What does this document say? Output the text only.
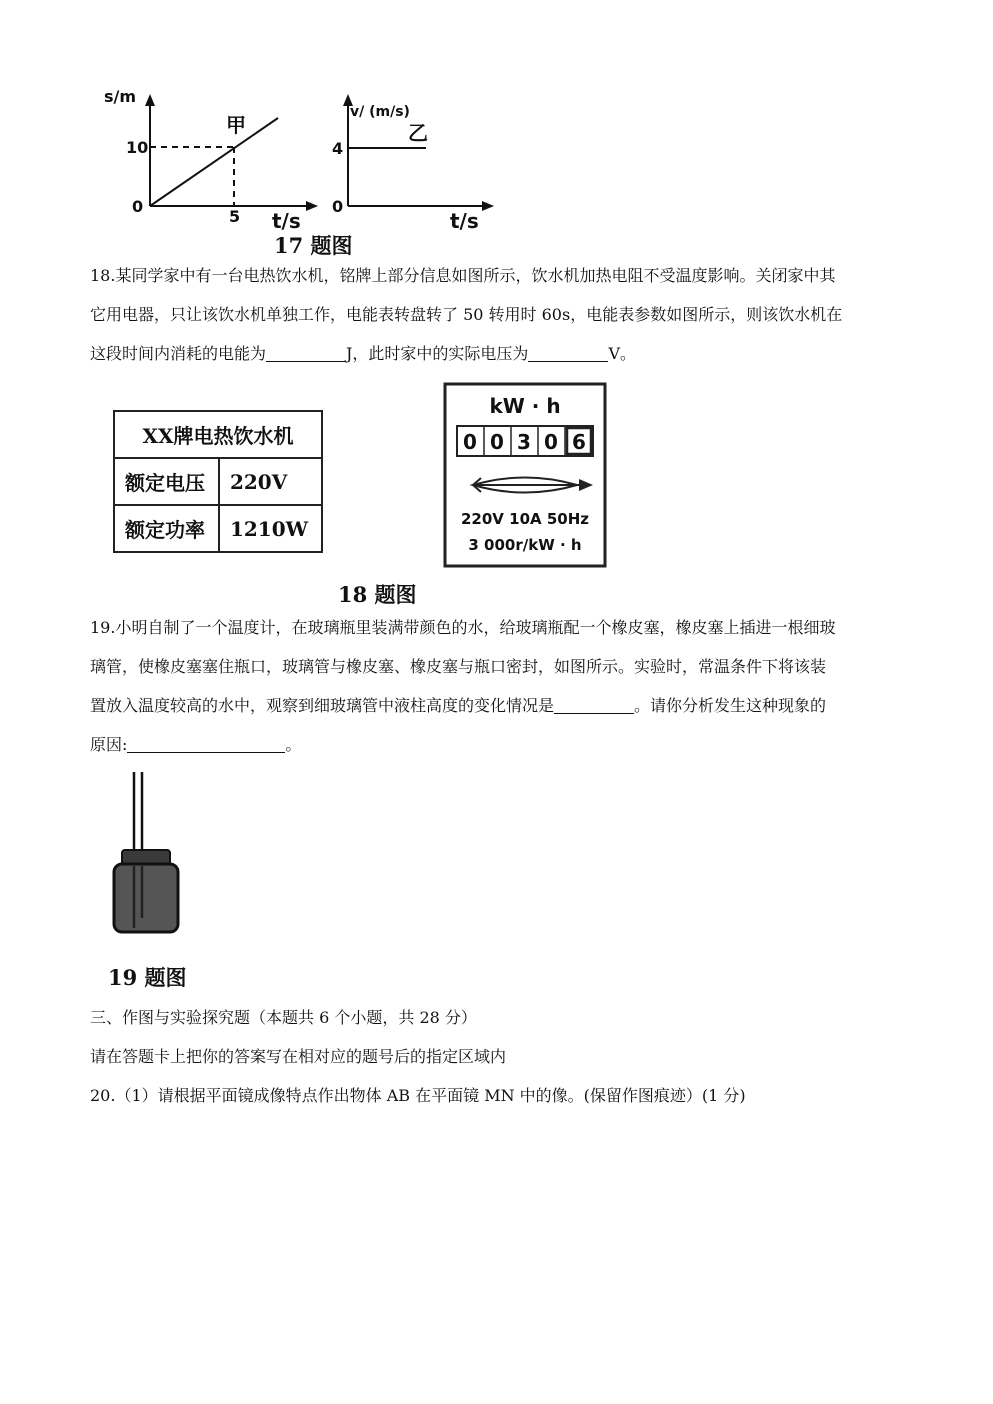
s/m
10
0
5 t/s
甲
v/ (m/s)
4
0
t/s
乙
17 题图
18.某同学家中有一台电热饮水机，铭牌上部分信息如图所示，饮水机加热电阻不受温度影响。关闭家中其
它用电器，只让该饮水机单独工作，电能表转盘转了 50 转用时 60s，电能表参数如图所示，则该饮水机在
这段时间内消耗的电能为	J，此时家中的实际电压为	V。
XX牌电热饮水机	
额定电压	220V
额定功率	1210W
kW · h
0 0 3 0 6
220V 10A 50Hz
3 000r/kW · h
18 题图
19.小明自制了一个温度计，在玻璃瓶里装满带颜色的水，给玻璃瓶配一个橡皮塞，橡皮塞上插进一根细玻
璃管，使橡皮塞塞住瓶口，玻璃管与橡皮塞、橡皮塞与瓶口密封，如图所示。实验时，常温条件下将该装
置放入温度较高的水中，观察到细玻璃管中液柱高度的变化情况是	。请你分析发生这种现象的
原因:	。
19 题图
三、作图与实验探究题（本题共 6 个小题，共 28 分）
请在答题卡上把你的答案写在相对应的题号后的指定区域内
20.（1）请根据平面镜成像特点作出物体 AB 在平面镜 MN 中的像。(保留作图痕迹）(1 分)
